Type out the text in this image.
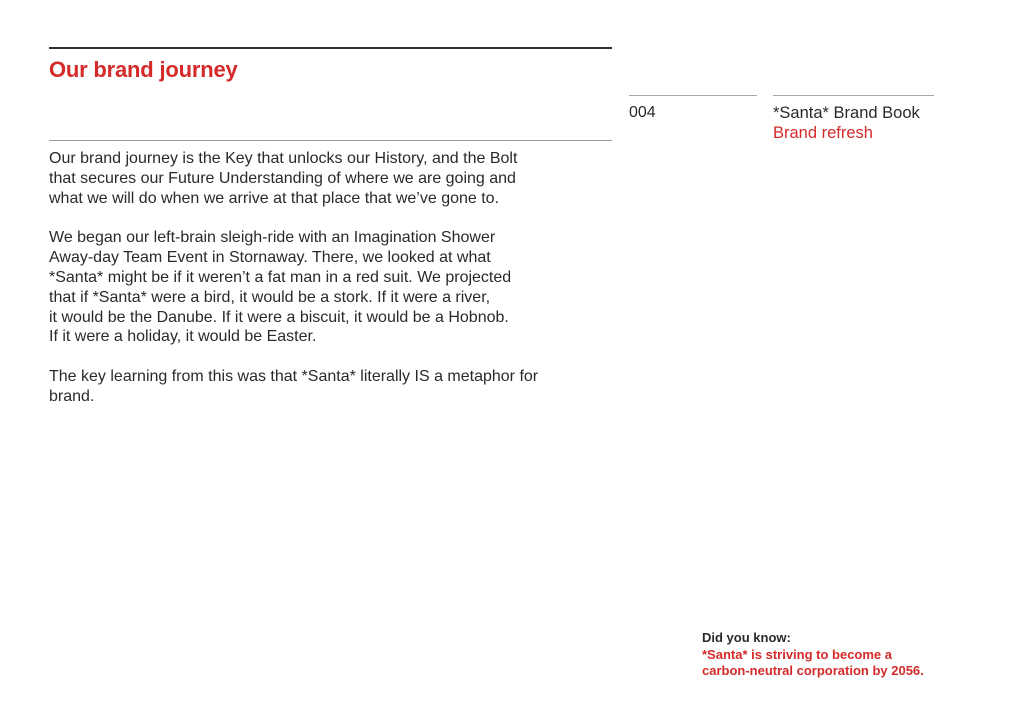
Our brand journey
004	*Santa* Brand Book
Brand refresh

Our brand journey is the Key that unlocks our History, and the Bolt
that secures our Future Understanding of where we are going and
what we will do when we arrive at that place that we’ve gone to.

We began our left-brain sleigh-ride with an Imagination Shower
Away-day Team Event in Stornaway. There, we looked at what
*Santa* might be if it weren’t a fat man in a red suit. We projected
that if *Santa* were a bird, it would be a stork. If it were a river,
it would be the Danube. If it were a biscuit, it would be a Hobnob.
If it were a holiday, it would be Easter.

The key learning from this was that *Santa* literally IS a metaphor for
brand.

Did you know:
*Santa* is striving to become a
carbon-neutral corporation by 2056.
